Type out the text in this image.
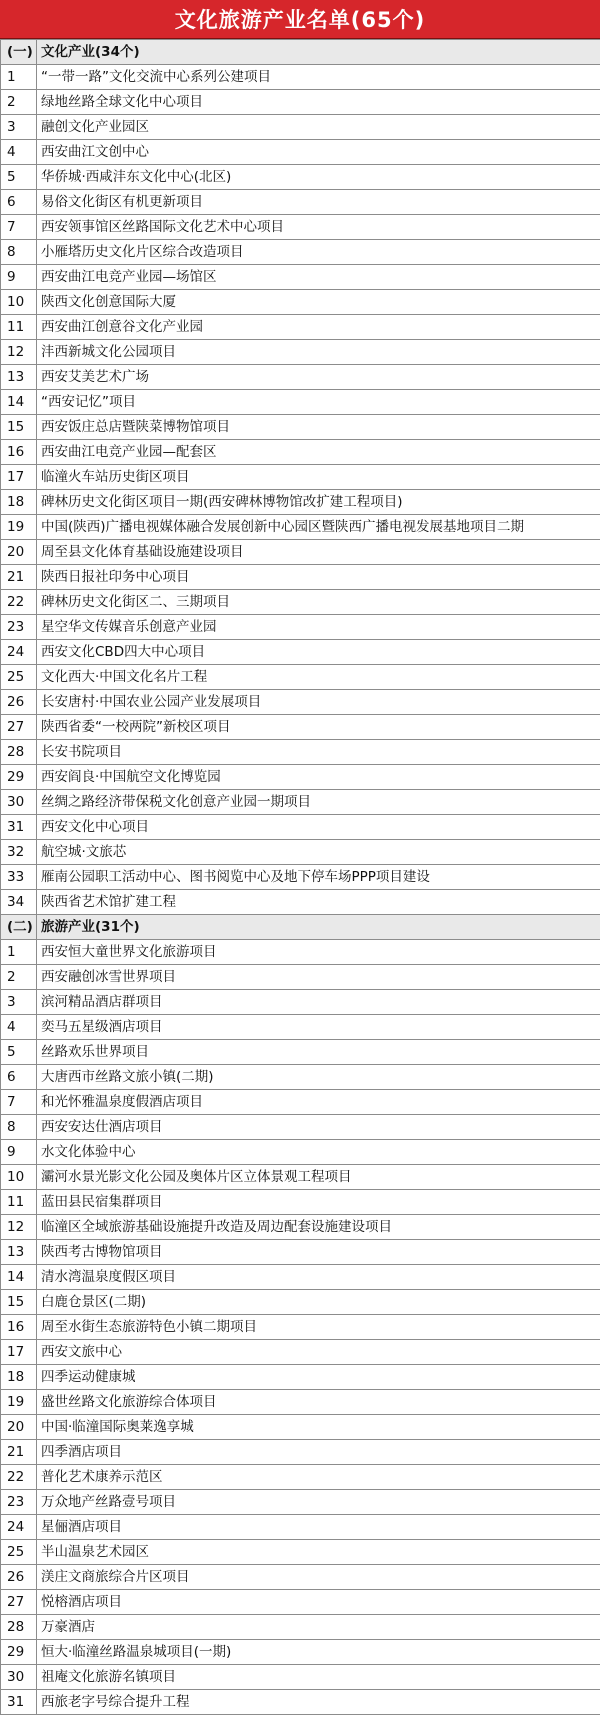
文化旅游产业名单(65个)
(一)	文化产业(34个)
1	“一带一路”文化交流中心系列公建项目
2	绿地丝路全球文化中心项目
3	融创文化产业园区
4	西安曲江文创中心
5	华侨城·西咸沣东文化中心(北区)
6	易俗文化街区有机更新项目
7	西安领事馆区丝路国际文化艺术中心项目
8	小雁塔历史文化片区综合改造项目
9	西安曲江电竞产业园—场馆区
10	陕西文化创意国际大厦
11	西安曲江创意谷文化产业园
12	沣西新城文化公园项目
13	西安艾美艺术广场
14	“西安记忆”项目
15	西安饭庄总店暨陕菜博物馆项目
16	西安曲江电竞产业园—配套区
17	临潼火车站历史街区项目
18	碑林历史文化街区项目一期(西安碑林博物馆改扩建工程项目)
19	中国(陕西)广播电视媒体融合发展创新中心园区暨陕西广播电视发展基地项目二期
20	周至县文化体育基础设施建设项目
21	陕西日报社印务中心项目
22	碑林历史文化街区二、三期项目
23	星空华文传媒音乐创意产业园
24	西安文化CBD四大中心项目
25	文化西大·中国文化名片工程
26	长安唐村·中国农业公园产业发展项目
27	陕西省委“一校两院”新校区项目
28	长安书院项目
29	西安阎良·中国航空文化博览园
30	丝绸之路经济带保税文化创意产业园一期项目
31	西安文化中心项目
32	航空城·文旅芯
33	雁南公园职工活动中心、图书阅览中心及地下停车场PPP项目建设
34	陕西省艺术馆扩建工程
(二)	旅游产业(31个)
1	西安恒大童世界文化旅游项目
2	西安融创冰雪世界项目
3	滨河精品酒店群项目
4	奕马五星级酒店项目
5	丝路欢乐世界项目
6	大唐西市丝路文旅小镇(二期)
7	和光怀雅温泉度假酒店项目
8	西安安达仕酒店项目
9	水文化体验中心
10	灞河水景光影文化公园及奥体片区立体景观工程项目
11	蓝田县民宿集群项目
12	临潼区全域旅游基础设施提升改造及周边配套设施建设项目
13	陕西考古博物馆项目
14	清水湾温泉度假区项目
15	白鹿仓景区(二期)
16	周至水街生态旅游特色小镇二期项目
17	西安文旅中心
18	四季运动健康城
19	盛世丝路文化旅游综合体项目
20	中国·临潼国际奥莱逸享城
21	四季酒店项目
22	普化艺术康养示范区
23	万众地产丝路壹号项目
24	星俪酒店项目
25	半山温泉艺术园区
26	渼庄文商旅综合片区项目
27	悦榕酒店项目
28	万豪酒店
29	恒大·临潼丝路温泉城项目(一期)
30	祖庵文化旅游名镇项目
31	西旅老字号综合提升工程
